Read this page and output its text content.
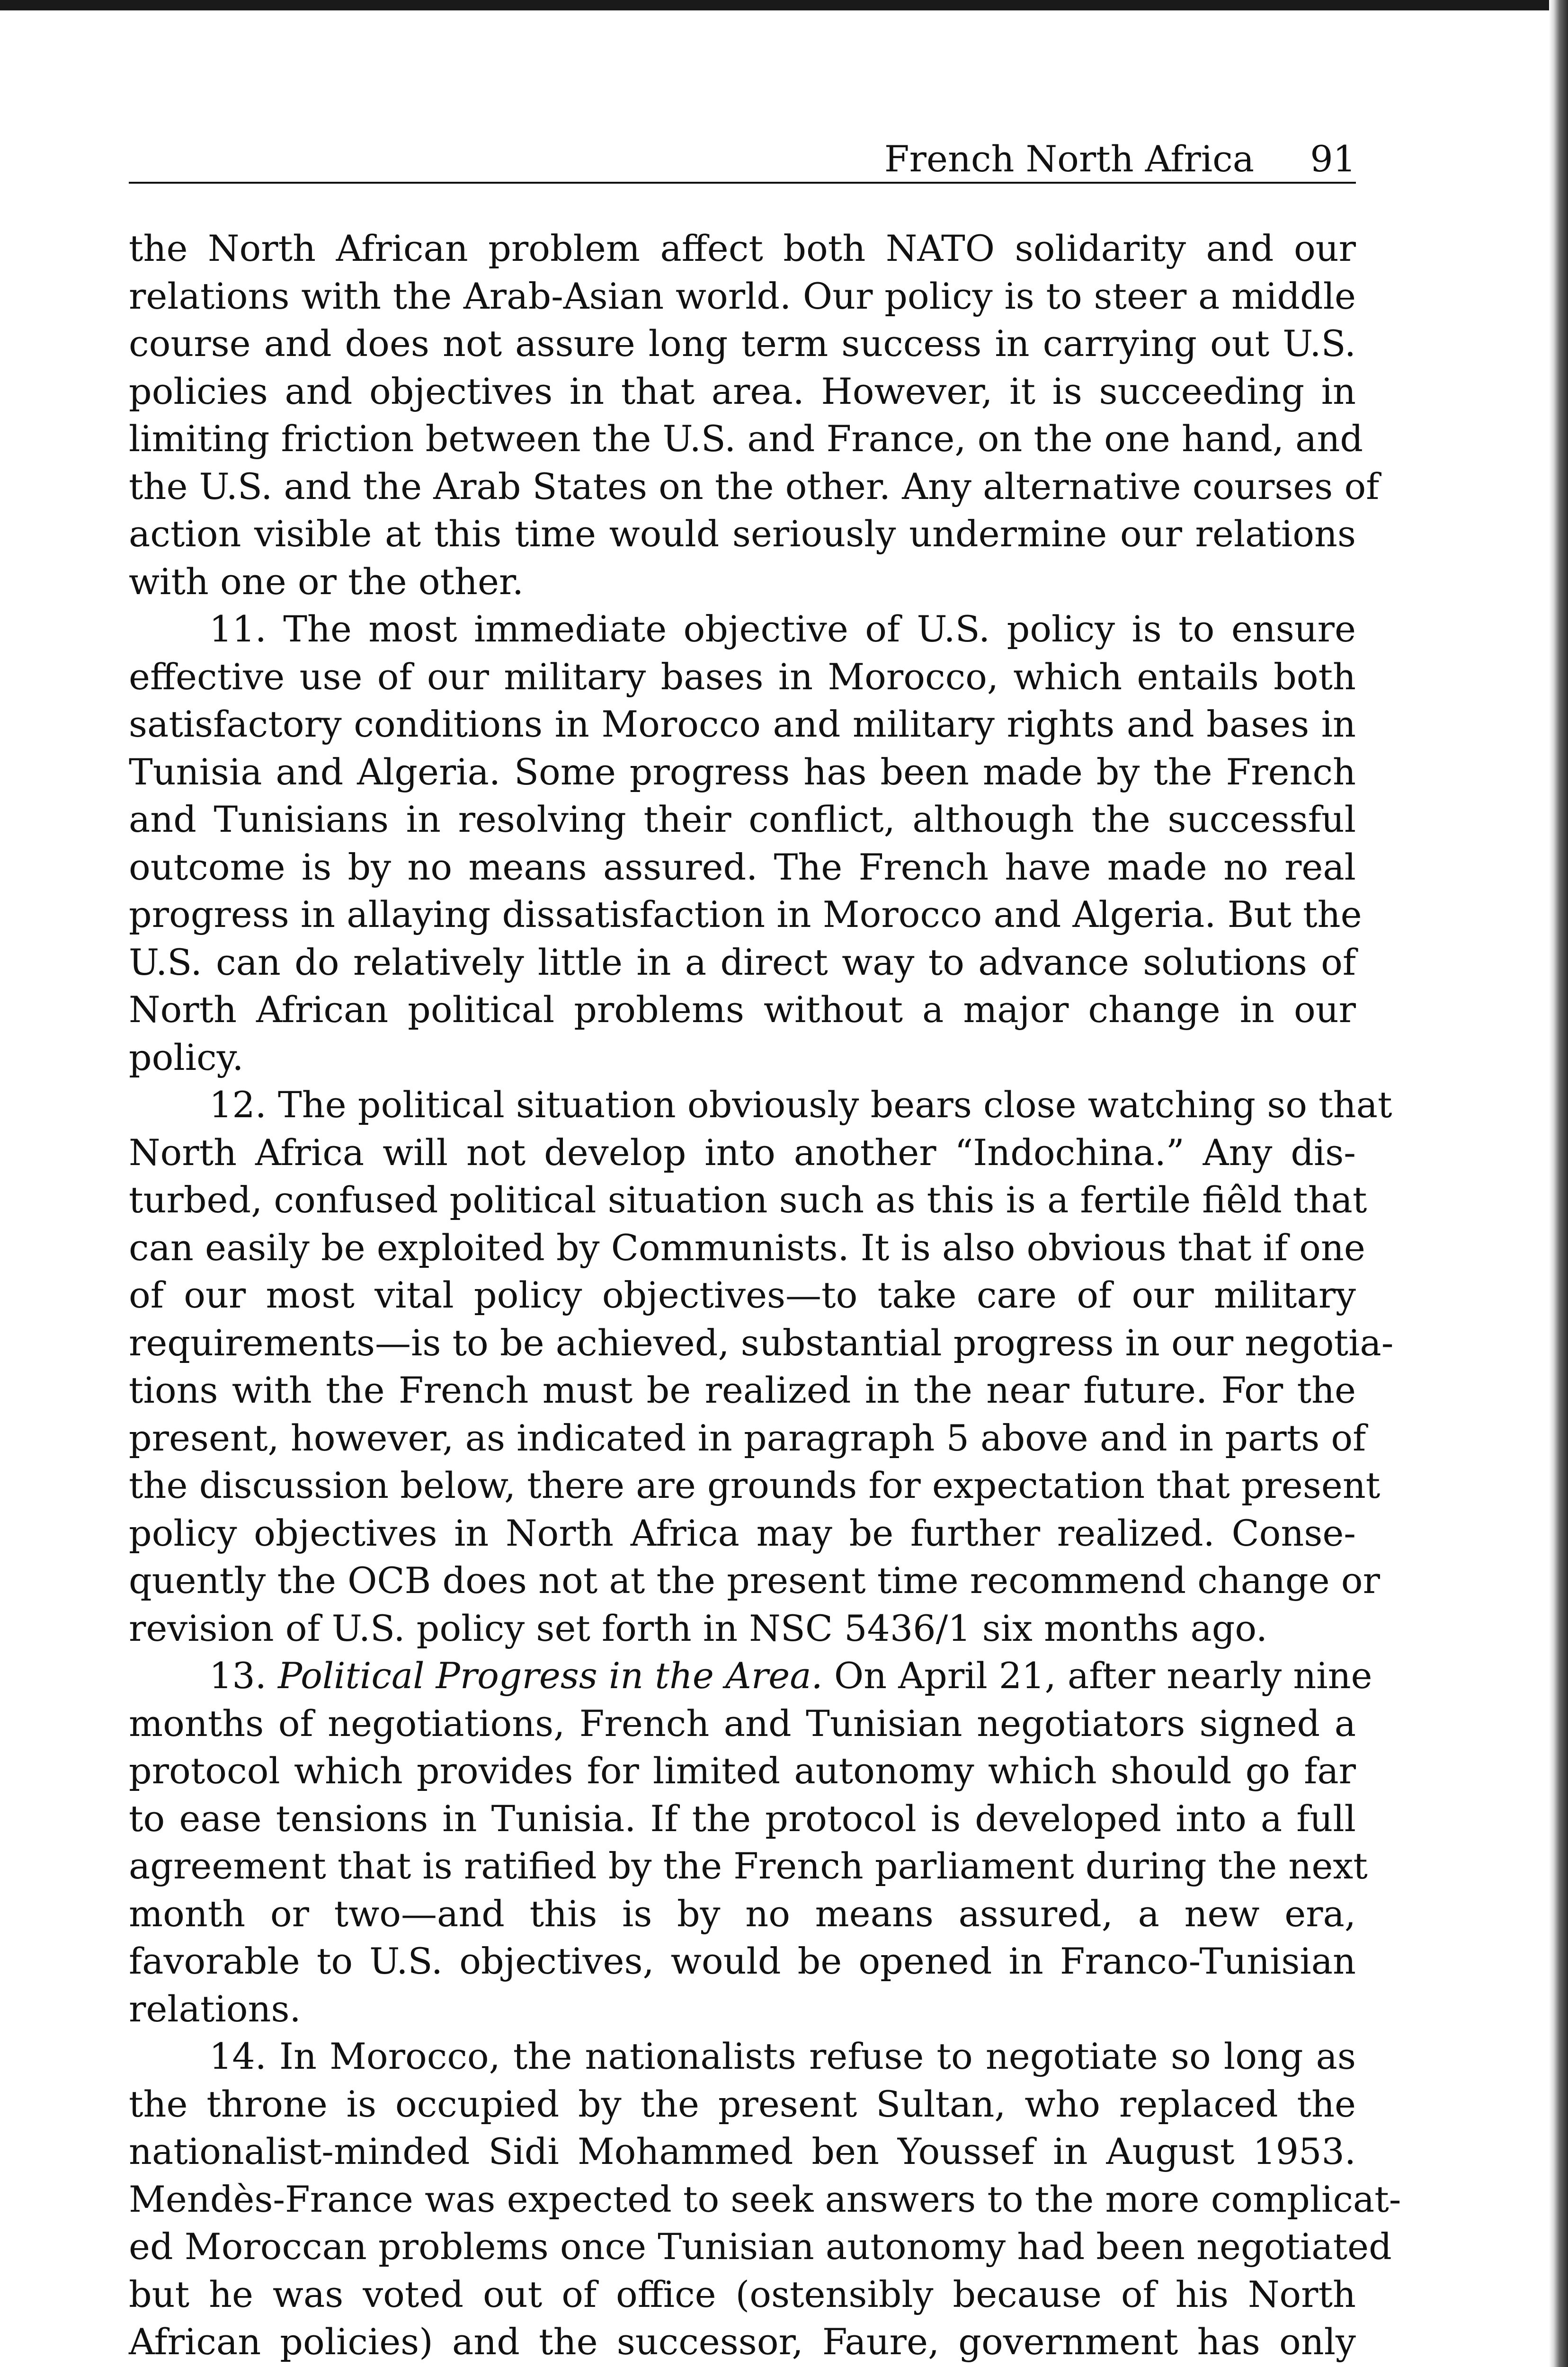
French North Africa 91
the North African problem affect both NATO solidarity and our
relations with the Arab-Asian world. Our policy is to steer a middle
course and does not assure long term success in carrying out U.S.
policies and objectives in that area. However, it is succeeding in
limiting friction between the U.S. and France, on the one hand, and
the U.S. and the Arab States on the other. Any alternative courses of
action visible at this time would seriously undermine our relations
with one or the other.
11. The most immediate objective of U.S. policy is to ensure
effective use of our military bases in Morocco, which entails both
satisfactory conditions in Morocco and military rights and bases in
Tunisia and Algeria. Some progress has been made by the French
and Tunisians in resolving their conflict, although the successful
outcome is by no means assured. The French have made no real
progress in allaying dissatisfaction in Morocco and Algeria. But the
U.S. can do relatively little in a direct way to advance solutions of
North African political problems without a major change in our
policy.
12. The political situation obviously bears close watching so that
North Africa will not develop into another “Indochina.” Any dis-
turbed, confused political situation such as this is a fertile fiêld that
can easily be exploited by Communists. It is also obvious that if one
of our most vital policy objectives—to take care of our military
requirements—is to be achieved, substantial progress in our negotia-
tions with the French must be realized in the near future. For the
present, however, as indicated in paragraph 5 above and in parts of
the discussion below, there are grounds for expectation that present
policy objectives in North Africa may be further realized. Conse-
quently the OCB does not at the present time recommend change or
revision of U.S. policy set forth in NSC 5436/1 six months ago.
13. Political Progress in the Area. On April 21, after nearly nine
months of negotiations, French and Tunisian negotiators signed a
protocol which provides for limited autonomy which should go far
to ease tensions in Tunisia. If the protocol is developed into a full
agreement that is ratified by the French parliament during the next
month or two—and this is by no means assured, a new era,
favorable to U.S. objectives, would be opened in Franco-Tunisian
relations.
14. In Morocco, the nationalists refuse to negotiate so long as
the throne is occupied by the present Sultan, who replaced the
nationalist-minded Sidi Mohammed ben Youssef in August 1953.
Mendès-France was expected to seek answers to the more complicat-
ed Moroccan problems once Tunisian autonomy had been negotiated
but he was voted out of office (ostensibly because of his North
African policies) and the successor, Faure, government has only
